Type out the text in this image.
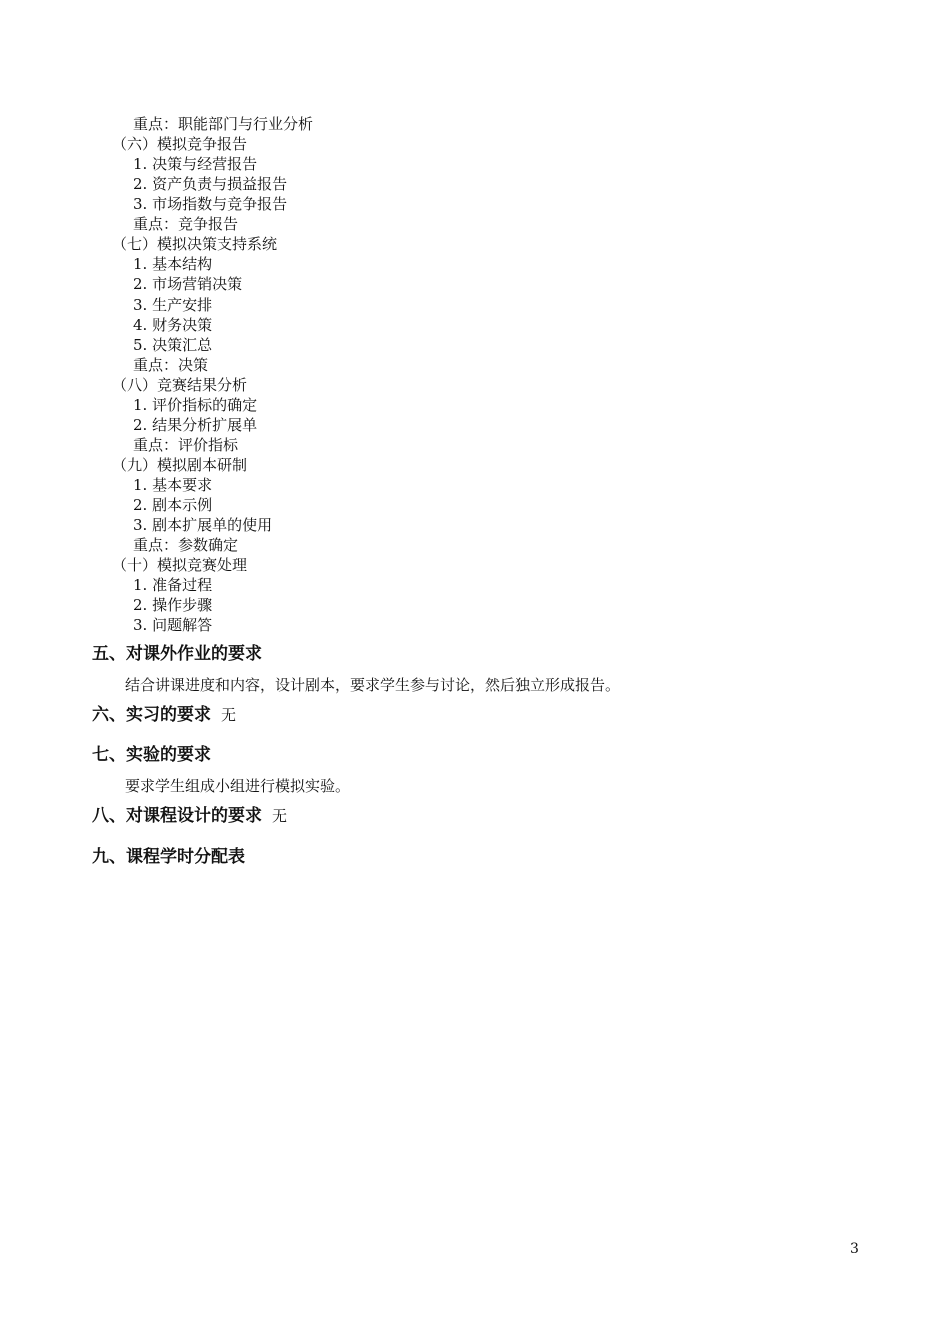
重点：职能部门与行业分析
（六）模拟竞争报告
1. 决策与经营报告
2. 资产负责与损益报告
3. 市场指数与竞争报告
重点：竞争报告
（七）模拟决策支持系统
1. 基本结构
2. 市场营销决策
3. 生产安排
4. 财务决策
5. 决策汇总
重点：决策
（八）竞赛结果分析
1. 评价指标的确定
2. 结果分析扩展单
重点：评价指标
（九）模拟剧本研制
1. 基本要求
2. 剧本示例
3. 剧本扩展单的使用
重点：参数确定
（十）模拟竞赛处理
1. 准备过程
2. 操作步骤
3. 问题解答
五、对课外作业的要求
结合讲课进度和内容，设计剧本，要求学生参与讨论，然后独立形成报告。
六、实习的要求 无
七、实验的要求
要求学生组成小组进行模拟实验。
八、对课程设计的要求 无
九、课程学时分配表
3
